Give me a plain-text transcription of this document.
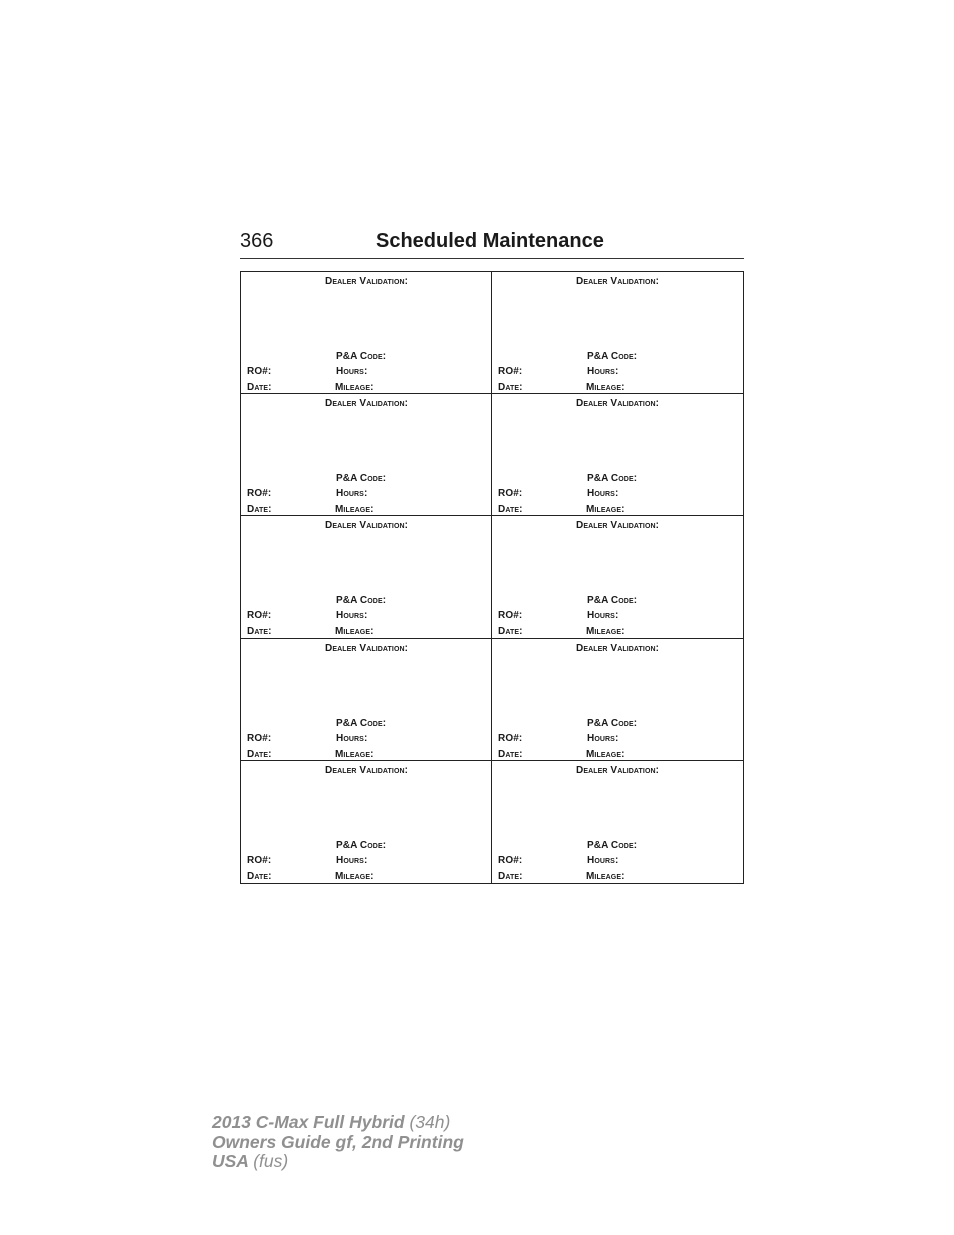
366	Scheduled Maintenance
Dealer Validation:
P&A Code:
RO#:	Hours:
Date:	Mileage:
Dealer Validation:
P&A Code:
RO#:	Hours:
Date:	Mileage:
Dealer Validation:
P&A Code:
RO#:	Hours:
Date:	Mileage:
Dealer Validation:
P&A Code:
RO#:	Hours:
Date:	Mileage:
Dealer Validation:
P&A Code:
RO#:	Hours:
Date:	Mileage:
Dealer Validation:
P&A Code:
RO#:	Hours:
Date:	Mileage:
Dealer Validation:
P&A Code:
RO#:	Hours:
Date:	Mileage:
Dealer Validation:
P&A Code:
RO#:	Hours:
Date:	Mileage:
Dealer Validation:
P&A Code:
RO#:	Hours:
Date:	Mileage:
Dealer Validation:
P&A Code:
RO#:	Hours:
Date:	Mileage:
2013 C-Max Full Hybrid (34h)
Owners Guide gf, 2nd Printing
USA (fus)
